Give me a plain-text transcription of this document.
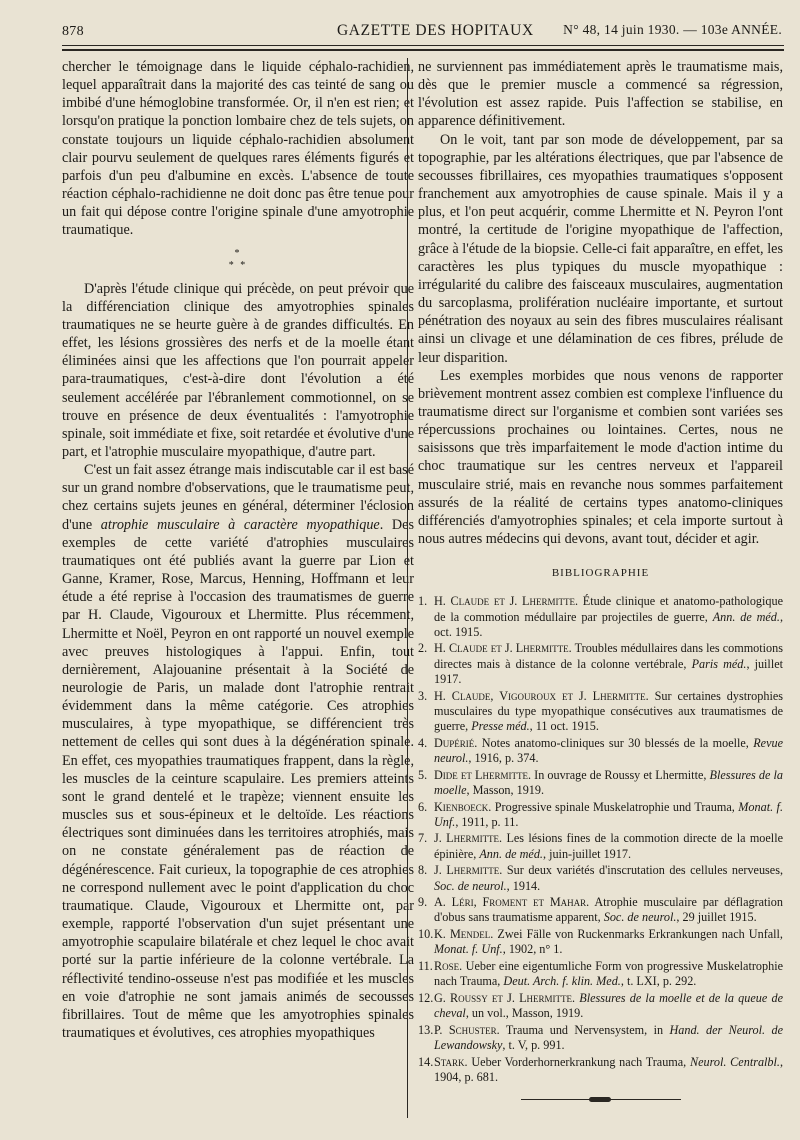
878	GAZETTE DES HOPITAUX N° 48, 14 juin 1930. — 103e ANNÉE.

chercher le témoignage dans le liquide céphalo-rachidien, lequel apparaîtrait dans la majorité des cas teinté de sang ou imbibé d'une hémoglobine transformée. Or, il n'en est rien; et lorsqu'on pratique la ponction lombaire chez de tels sujets, on constate toujours un liquide céphalo-rachidien absolument clair pourvu seulement de quelques rares éléments figurés et parfois d'un peu d'albumine en excès. L'absence de toute réaction céphalo-rachidienne ne doit donc pas être tenue pour un fait qui dépose contre l'origine spinale d'une amyotrophie traumatique.

*
* *

D'après l'étude clinique qui précède, on peut prévoir que la différenciation clinique des amyotrophies spinales traumatiques ne se heurte guère à de grandes difficultés. En effet, les lésions grossières des nerfs et de la moelle étant éliminées ainsi que les affections que l'on pourrait appeler para-traumatiques, c'est-à-dire dont l'évolution a été seulement accélérée par l'ébranlement commotionnel, on se trouve en présence de deux éventualités : l'amyotrophie spinale, soit immédiate et fixe, soit retardée et évolutive d'une part, et l'atrophie musculaire myopathique, d'autre part.

C'est un fait assez étrange mais indiscutable car il est basé sur un grand nombre d'observations, que le traumatisme peut, chez certains sujets jeunes en général, déterminer l'éclosion d'une atrophie musculaire à caractère myopathique. Des exemples de cette variété d'atrophies musculaires traumatiques ont été publiés avant la guerre par Lion et Ganne, Kramer, Rose, Marcus, Henning, Hoffmann et leur étude a été reprise à l'occasion des traumatismes de guerre par H. Claude, Vigouroux et Lhermitte. Plus récemment, Lhermitte et Noël, Peyron en ont rapporté un nouvel exemple avec preuves histologiques à l'appui. Enfin, tout dernièrement, Alajouanine présentait à la Société de neurologie de Paris, un malade dont l'atrophie rentrait évidemment dans la même catégorie. Ces atrophies musculaires, à type myopathique, se différencient très nettement de celles qui sont dues à la dégénération spinale. En effet, ces myopathies traumatiques frappent, dans la règle, les muscles de la ceinture scapulaire. Les premiers atteints sont le grand dentelé et le trapèze; viennent ensuite les muscles sus et sous-épineux et le deltoïde. Les réactions électriques sont diminuées dans les territoires atrophiés, mais on ne constate généralement pas de réaction de dégénérescence. Fait curieux, la topographie de ces atrophies ne correspond nullement avec le point d'application du choc traumatique. Claude, Vigouroux et Lhermitte ont, par exemple, rapporté l'observation d'un sujet présentant une amyotrophie scapulaire bilatérale et chez lequel le choc avait porté sur la partie inférieure de la colonne vertébrale. La réflectivité tendino-osseuse n'est pas modifiée et les muscles en voie d'atrophie ne sont jamais animés de secousses fibrillaires. Tout de même que les amyotrophies spinales traumatiques et évolutives, ces atrophies myopathiques

ne surviennent pas immédiatement après le traumatisme mais, dès que le premier muscle a commencé sa régression, l'évolution est assez rapide. Puis l'affection se stabilise, en apparence définitivement.

On le voit, tant par son mode de développement, par sa topographie, par les altérations électriques, que par l'absence de secousses fibrillaires, ces myopathies traumatiques s'opposent franchement aux amyotrophies de cause spinale. Mais il y a plus, et l'on peut acquérir, comme Lhermitte et N. Peyron l'ont montré, la certitude de l'origine myopathique de l'affection, grâce à l'étude de la biopsie. Celle-ci fait apparaître, en effet, les caractères les plus typiques du muscle myopathique : irrégularité du calibre des faisceaux musculaires, augmentation du sarcoplasma, prolifération nucléaire importante, et surtout pénétration des noyaux au sein des fibres musculaires réalisant ainsi un clivage et une délamination de ces fibres, prélude de leur disparition.

Les exemples morbides que nous venons de rapporter brièvement montrent assez combien est complexe l'influence du traumatisme direct sur l'organisme et combien sont variées ses répercussions prochaines ou lointaines. Certes, nous ne saisissons que très imparfaitement le mode d'action intime du choc traumatique sur les centres nerveux et l'appareil musculaire strié, mais en revanche nous sommes parfaitement assurés de la réalité de certains types anatomo-cliniques différenciés d'amyotrophies spinales; et cela importe surtout à nous autres médecins qui devons, avant tout, décider et agir.

BIBLIOGRAPHIE
1. H. Claude et J. Lhermitte. Étude clinique et anatomo-pathologique de la commotion médullaire par projectiles de guerre, Ann. de méd., oct. 1915.
2. H. Claude et J. Lhermitte. Troubles médullaires dans les commotions directes mais à distance de la colonne vertébrale, Paris méd., juillet 1917.
3. H. Claude, Vigouroux et J. Lhermitte. Sur certaines dystrophies musculaires du type myopathique consécutives aux traumatismes de guerre, Presse méd., 11 oct. 1915.
4. Dupérié. Notes anatomo-cliniques sur 30 blessés de la moelle, Revue neurol., 1916, p. 374.
5. Dide et Lhermitte. In ouvrage de Roussy et Lhermitte, Blessures de la moelle, Masson, 1919.
6. Kienboeck. Progressive spinale Muskelatrophie und Trauma, Monat. f. Unf., 1911, p. 11.
7. J. Lhermitte. Les lésions fines de la commotion directe de la moelle épinière, Ann. de méd., juin-juillet 1917.
8. J. Lhermitte. Sur deux variétés d'inscrutation des cellules nerveuses, Soc. de neurol., 1914.
9. A. Léri, Froment et Mahar. Atrophie musculaire par déflagration d'obus sans traumatisme apparent, Soc. de neurol., 29 juillet 1915.
10. K. Mendel. Zwei Fälle von Ruckenmarks Erkrankungen nach Unfall, Monat. f. Unf., 1902, n° 1.
11. Rose. Ueber eine eigentumliche Form von progressive Muskelatrophie nach Trauma, Deut. Arch. f. klin. Med., t. LXI, p. 292.
12. G. Roussy et J. Lhermitte. Blessures de la moelle et de la queue de cheval, un vol., Masson, 1919.
13. P. Schuster. Trauma und Nervensystem, in Hand. der Neurol. de Lewandowsky, t. V, p. 991.
14. Stark. Ueber Vorderhornerkrankung nach Trauma, Neurol. Centralbl., 1904, p. 681.
